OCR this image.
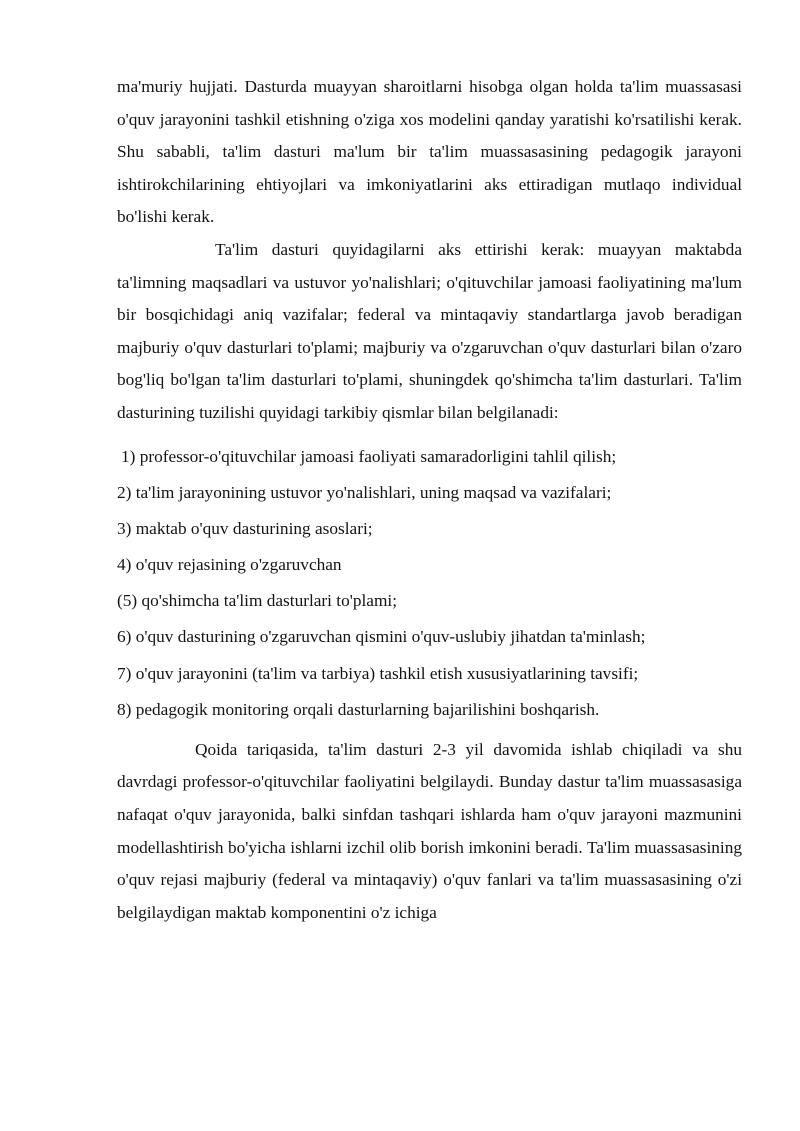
ma'muriy hujjati. Dasturda muayyan sharoitlarni hisobga olgan holda ta'lim muassasasi o'quv jarayonini tashkil etishning o'ziga xos modelini qanday yaratishi ko'rsatilishi kerak. Shu sababli, ta'lim dasturi ma'lum bir ta'lim muassasasining pedagogik jarayoni ishtirokchilarining ehtiyojlari va imkoniyatlarini aks ettiradigan mutlaqo individual bo'lishi kerak.

Ta'lim dasturi quyidagilarni aks ettirishi kerak: muayyan maktabda ta'limning maqsadlari va ustuvor yo'nalishlari; o'qituvchilar jamoasi faoliyatining ma'lum bir bosqichidagi aniq vazifalar; federal va mintaqaviy standartlarga javob beradigan majburiy o'quv dasturlari to'plami; majburiy va o'zgaruvchan o'quv dasturlari bilan o'zaro bog'liq bo'lgan ta'lim dasturlari to'plami, shuningdek qo'shimcha ta'lim dasturlari. Ta'lim dasturining tuzilishi quyidagi tarkibiy qismlar bilan belgilanadi:

1) professor-o'qituvchilar jamoasi faoliyati samaradorligini tahlil qilish;
2) ta'lim jarayonining ustuvor yo'nalishlari, uning maqsad va vazifalari;
3) maktab o'quv dasturining asoslari;
4) o'quv rejasining o'zgaruvchan
(5) qo'shimcha ta'lim dasturlari to'plami;
6) o'quv dasturining o'zgaruvchan qismini o'quv-uslubiy jihatdan ta'minlash;
7) o'quv jarayonini (ta'lim va tarbiya) tashkil etish xususiyatlarining tavsifi;
8) pedagogik monitoring orqali dasturlarning bajarilishini boshqarish.

Qoida tariqasida, ta'lim dasturi 2-3 yil davomida ishlab chiqiladi va shu davrdagi professor-o'qituvchilar faoliyatini belgilaydi. Bunday dastur ta'lim muassasasiga nafaqat o'quv jarayonida, balki sinfdan tashqari ishlarda ham o'quv jarayoni mazmunini modellashtirish bo'yicha ishlarni izchil olib borish imkonini beradi. Ta'lim muassasasining o'quv rejasi majburiy (federal va mintaqaviy) o'quv fanlari va ta'lim muassasasining o'zi belgilaydigan maktab komponentini o'z ichiga
